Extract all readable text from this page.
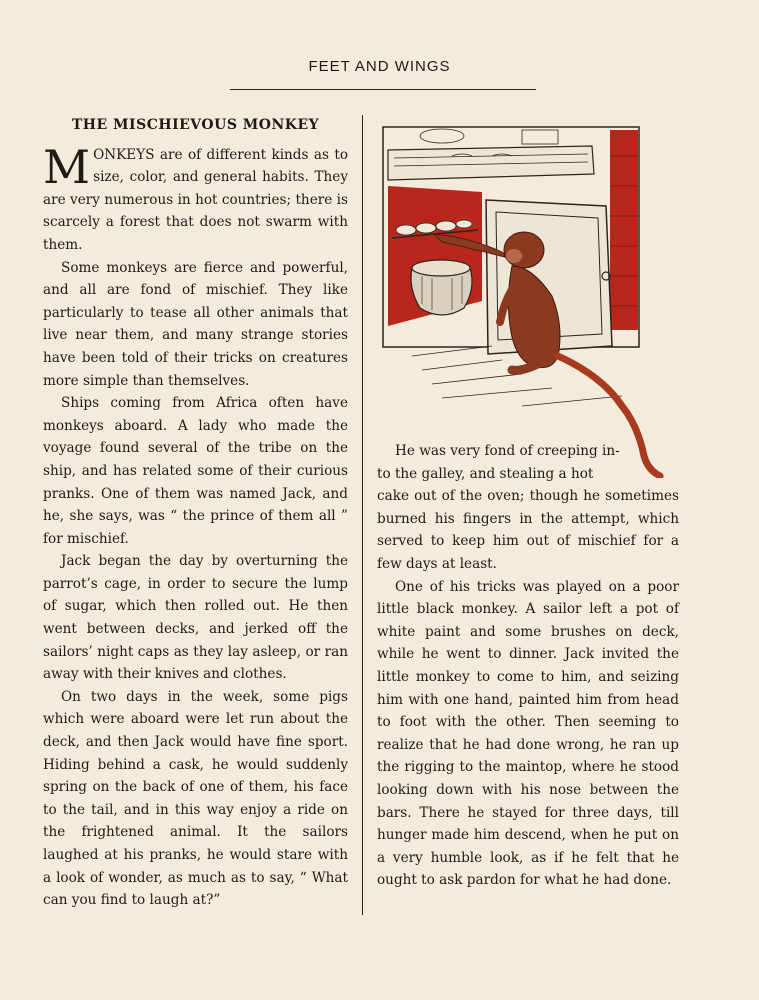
FEET AND WINGS
THE MISCHIEVOUS MONKEY

MONKEYS are of different kinds as to size, color, and general habits. They are very numerous in hot countries; there is scarcely a forest that does not swarm with them.

Some monkeys are fierce and powerful, and all are fond of mischief. They like particularly to tease all other animals that live near them, and many strange stories have been told of their tricks on creatures more simple than themselves.

Ships coming from Africa often have monkeys aboard. A lady who made the voyage found several of the tribe on the ship, and has related some of their curious pranks. One of them was named Jack, and he, she says, was “ the prince of them all ” for mischief.

Jack began the day by overturning the parrot’s cage, in order to secure the lump of sugar, which then rolled out. He then went between decks, and jerked off the sailors’ night caps as they lay asleep, or ran away with their knives and clothes.

On two days in the week, some pigs which were aboard were let run about the deck, and then Jack would have fine sport. Hiding behind a cask, he would suddenly spring on the back of one of them, his face to the tail, and in this way enjoy a ride on the frightened animal. It the sailors laughed at his pranks, he would stare with a look of wonder, as much as to say, “ What can you find to laugh at?”

He was very fond of creeping in-
to the galley, and stealing a hot

cake out of the oven; though he sometimes burned his fingers in the attempt, which served to keep him out of mischief for a few days at least.

One of his tricks was played on a poor little black monkey. A sailor left a pot of white paint and some brushes on deck, while he went to dinner. Jack invited the little monkey to come to him, and seizing him with one hand, painted him from head to foot with the other. Then seeming to realize that he had done wrong, he ran up the rigging to the maintop, where he stood looking down with his nose between the bars. There he stayed for three days, till hunger made him descend, when he put on a very humble look, as if he felt that he ought to ask pardon for what he had done.
